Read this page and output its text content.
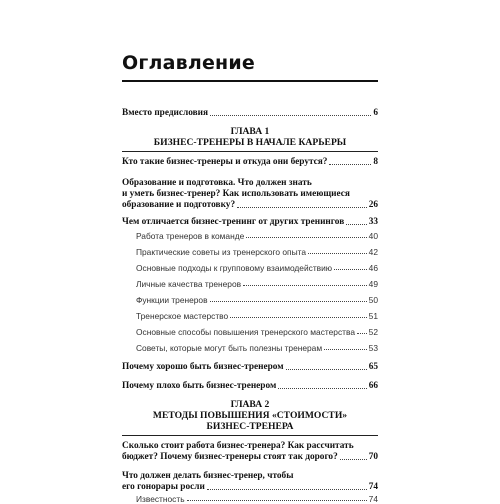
Оглавление
Вместо предисловия	6
ГЛАВА 1
БИЗНЕС-ТРЕНЕРЫ В НАЧАЛЕ КАРЬЕРЫ
Кто такие бизнес-тренеры и откуда они берутся?	8
Образование и подготовка. Что должен знать
и уметь бизнес-тренер? Как использовать имеющиеся
образование и подготовку?	26
Чем отличается бизнес-тренинг от других тренингов	33
Работа тренеров в команде	40
Практические советы из тренерского опыта	42
Основные подходы к групповому взаимодействию	46
Личные качества тренеров	49
Функции тренеров	50
Тренерское мастерство	51
Основные способы повышения тренерского мастерства 52
Советы, которые могут быть полезны тренерам	53
Почему хорошо быть бизнес-тренером	65
Почему плохо быть бизнес-тренером	66
ГЛАВА 2
МЕТОДЫ ПОВЫШЕНИЯ «СТОИМОСТИ»
БИЗНЕС-ТРЕНЕРА
Сколько стоит работа бизнес-тренера? Как рассчитать
бюджет? Почему бизнес-тренеры стоят так дорого?	70
Что должен делать бизнес-тренер, чтобы
его гонорары росли	74
Известность	74
